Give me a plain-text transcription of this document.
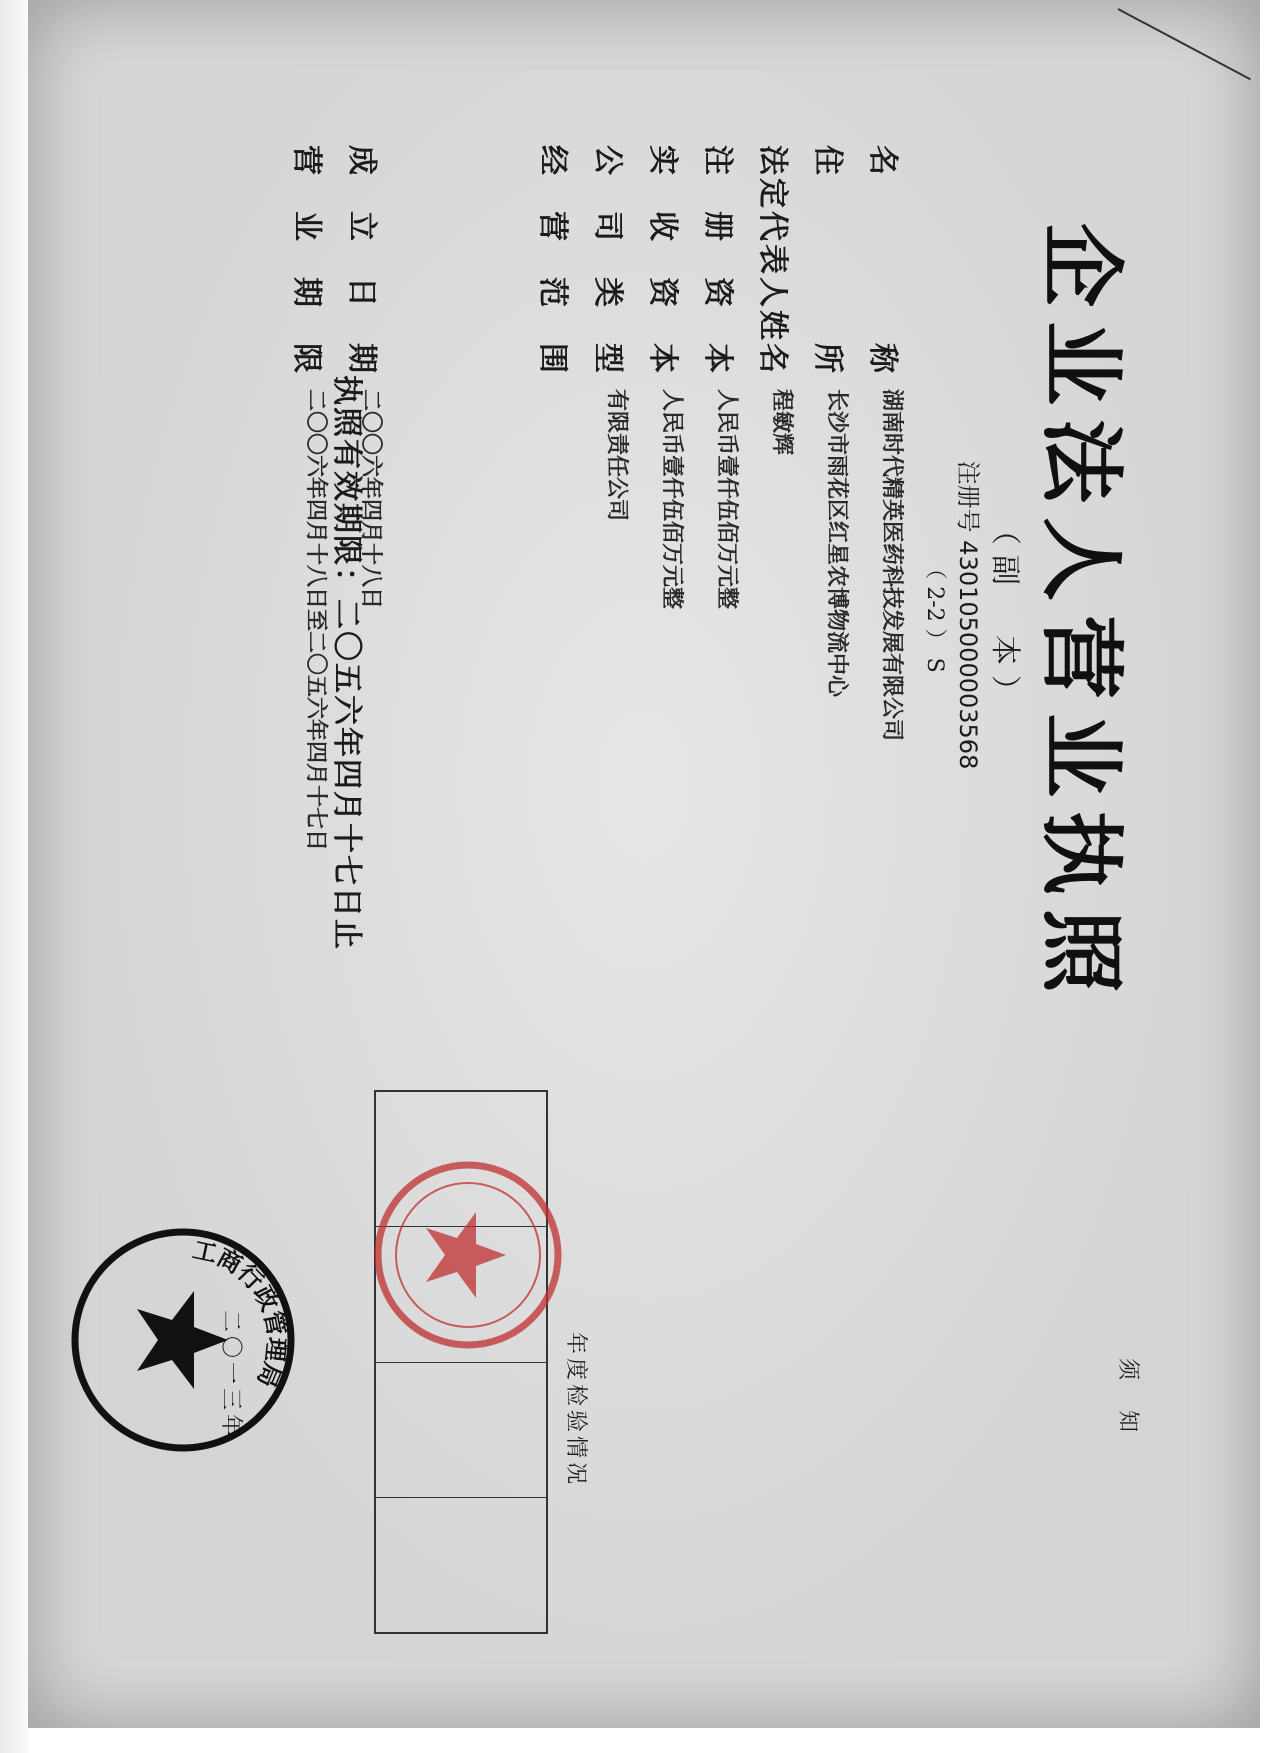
企业法人营业执照
（副　本）
注册号 430105000003568
（ 2-2 ） S
名称
湖南时代精英医药科技发展有限公司
住所
长沙市雨花区红星农博物流中心
法定代表人姓名
程敏辉
注册资本
人民币壹仟伍佰万元整
实收资本
人民币壹仟伍佰万元整
公司类型
有限责任公司
经营范围
成立日期
二〇〇六年四月十八日
营业期限
二〇〇六年四月十八日至二〇五六年四月十七日 执照有效期限：二〇五六年四月十七日止
须知
年度检验情况
二〇一三年
工商行政管理局
